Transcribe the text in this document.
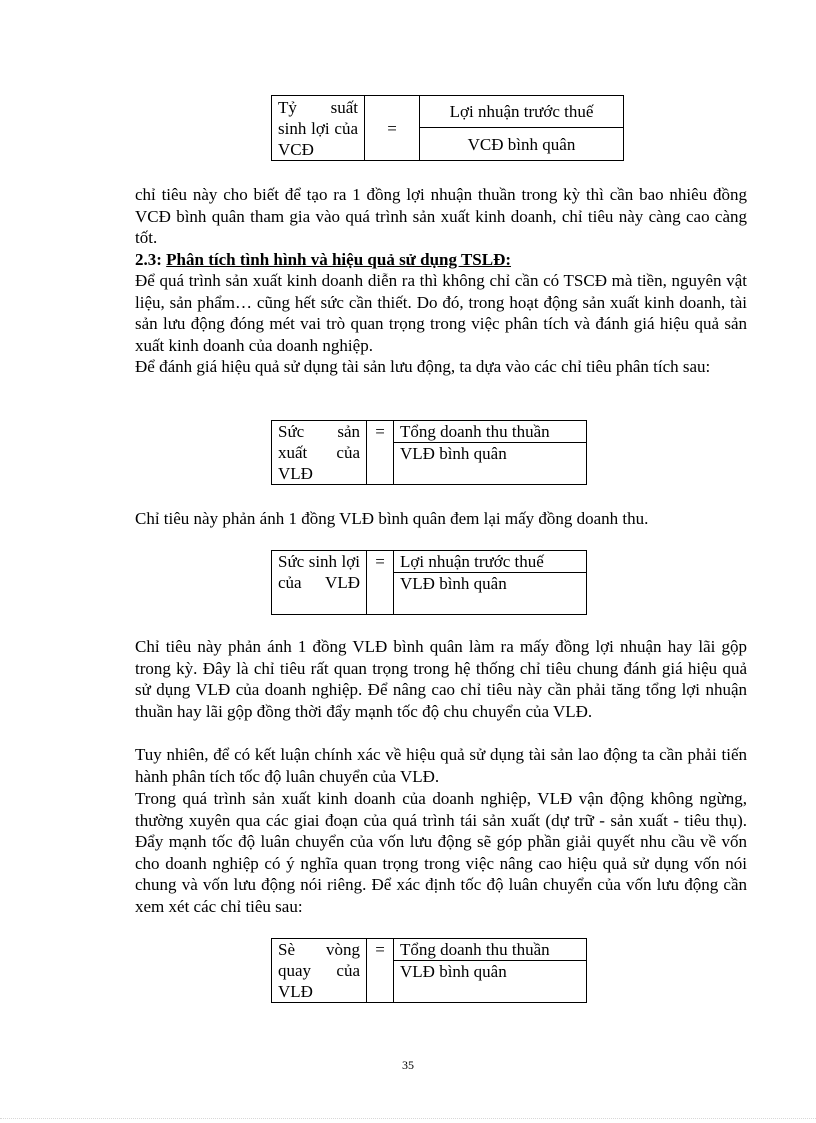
Tỷ suất sinh lợi của VCĐ	=	Lợi nhuận trước thuế
VCĐ bình quân

chỉ tiêu này cho biết để tạo ra 1 đồng lợi nhuận thuần trong kỳ thì cần bao nhiêu đồng VCĐ bình quân tham gia vào quá trình sản xuất kinh doanh, chỉ tiêu này càng cao càng tốt.

2.3: Phân tích tình hình và hiệu quả sử dụng TSLĐ:

Để quá trình sản xuất kinh doanh diễn ra thì không chỉ cần có TSCĐ mà tiền, nguyên vật liệu, sản phẩm… cũng hết sức cần thiết. Do đó, trong hoạt động sản xuất kinh doanh, tài sản lưu động đóng mét vai trò quan trọng trong việc phân tích và đánh giá hiệu quả sản xuất kinh doanh của doanh nghiệp.

Để đánh giá hiệu quả sử dụng tài sản lưu động, ta dựa vào các chỉ tiêu phân tích sau:

Sức sản xuất của VLĐ	=	Tổng doanh thu thuần
VLĐ bình quân

Chỉ tiêu này phản ánh 1 đồng VLĐ bình quân đem lại mấy đồng doanh thu.

Sức sinh lợi của VLĐ	=	Lợi nhuận trước thuế
VLĐ bình quân

Chỉ tiêu này phản ánh 1 đồng VLĐ bình quân làm ra mấy đồng lợi nhuận hay lãi gộp trong kỳ. Đây là chỉ tiêu rất quan trọng trong hệ thống chỉ tiêu chung đánh giá hiệu quả sử dụng VLĐ của doanh nghiệp. Để nâng cao chỉ tiêu này cần phải tăng tổng lợi nhuận thuần hay lãi gộp đồng thời đẩy mạnh tốc độ chu chuyển của VLĐ.

Tuy nhiên, để có kết luận chính xác về hiệu quả sử dụng tài sản lao động ta cần phải tiến hành phân tích tốc độ luân chuyển của VLĐ.

Trong quá trình sản xuất kinh doanh của doanh nghiệp, VLĐ vận động không ngừng, thường xuyên qua các giai đoạn của quá trình tái sản xuất (dự trữ - sản xuất - tiêu thụ). Đẩy mạnh tốc độ luân chuyển của vốn lưu động sẽ góp phần giải quyết nhu cầu về vốn cho doanh nghiệp có ý nghĩa quan trọng trong việc nâng cao hiệu quả sử dụng vốn nói chung và vốn lưu động nói riêng. Để xác định tốc độ luân chuyển của vốn lưu động cần xem xét các chỉ tiêu sau:

Sè vòng quay của VLĐ	=	Tổng doanh thu thuần
VLĐ bình quân
35
